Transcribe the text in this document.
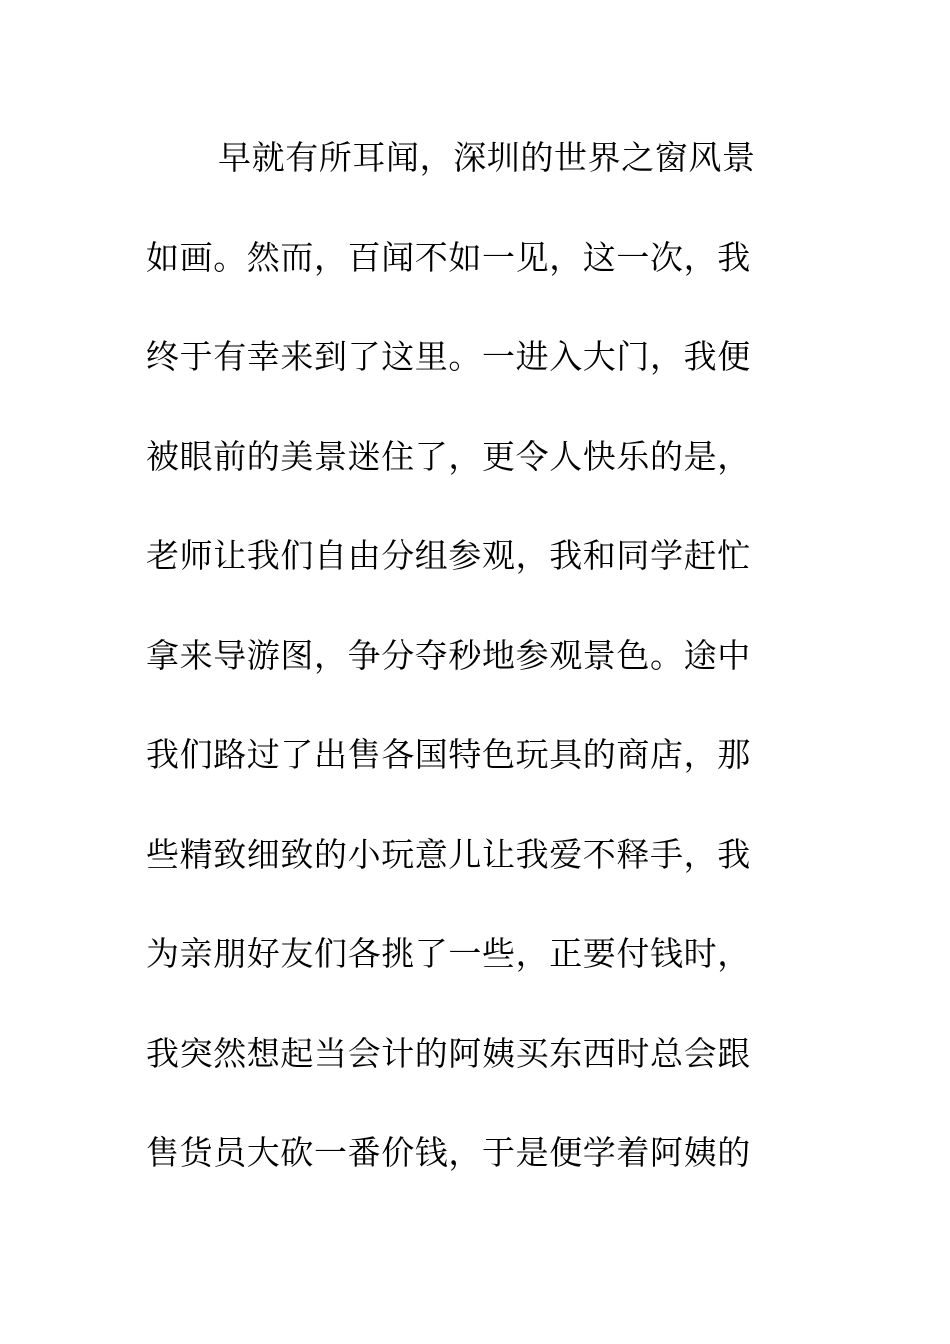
早就有所耳闻，深圳的世界之窗风景
如画。然而，百闻不如一见，这一次，我
终于有幸来到了这里。一进入大门，我便
被眼前的美景迷住了，更令人快乐的是，
老师让我们自由分组参观，我和同学赶忙
拿来导游图，争分夺秒地参观景色。途中
我们路过了出售各国特色玩具的商店，那
些精致细致的小玩意儿让我爱不释手，我
为亲朋好友们各挑了一些，正要付钱时，
我突然想起当会计的阿姨买东西时总会跟
售货员大砍一番价钱，于是便学着阿姨的
